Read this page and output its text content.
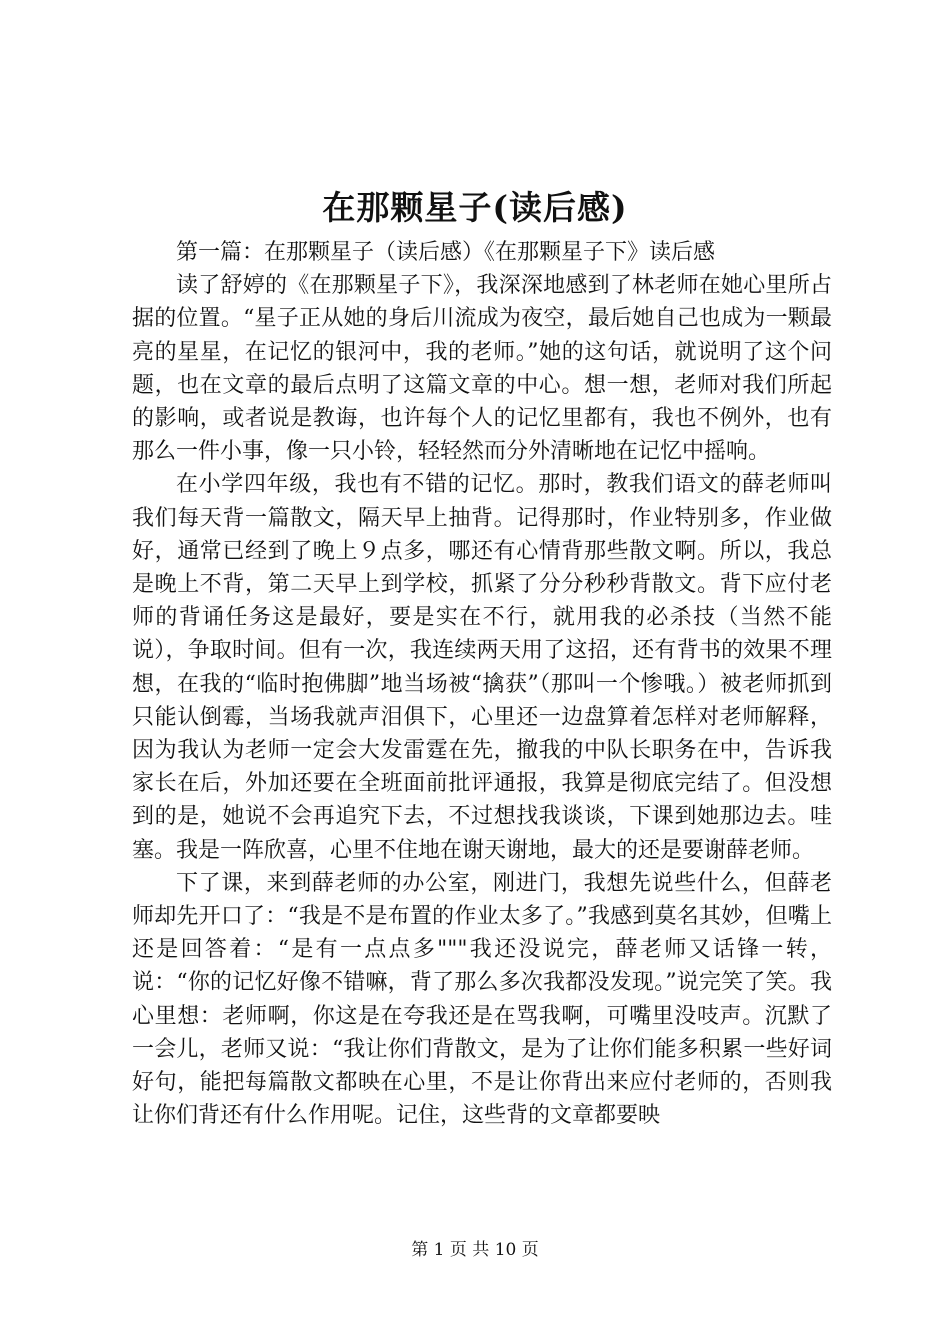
在那颗星子(读后感)

第一篇：在那颗星子（读后感）《在那颗星子下》读后感

读了舒婷的《在那颗星子下》，我深深地感到了林老师在她心里所占据的位置。“星子正从她的身后川流成为夜空，最后她自己也成为一颗最亮的星星，在记忆的银河中，我的老师。”她的这句话，就说明了这个问题，也在文章的最后点明了这篇文章的中心。想一想，老师对我们所起的影响，或者说是教诲，也许每个人的记忆里都有，我也不例外，也有那么一件小事，像一只小铃，轻轻然而分外清晰地在记忆中摇响。

在小学四年级，我也有不错的记忆。那时，教我们语文的薛老师叫我们每天背一篇散文，隔天早上抽背。记得那时，作业特别多，作业做好，通常已经到了晚上９点多，哪还有心情背那些散文啊。所以，我总是晚上不背，第二天早上到学校，抓紧了分分秒秒背散文。背下应付老师的背诵任务这是最好，要是实在不行，就用我的必杀技（当然不能说），争取时间。但有一次，我连续两天用了这招，还有背书的效果不理想，在我的“临时抱佛脚”地当场被“擒获”（那叫一个惨哦。）被老师抓到只能认倒霉，当场我就声泪俱下，心里还一边盘算着怎样对老师解释，因为我认为老师一定会大发雷霆在先，撤我的中队长职务在中，告诉我家长在后，外加还要在全班面前批评通报，我算是彻底完结了。但没想到的是，她说不会再追究下去，不过想找我谈谈，下课到她那边去。哇塞。我是一阵欣喜，心里不住地在谢天谢地，最大的还是要谢薛老师。

下了课，来到薛老师的办公室，刚进门，我想先说些什么，但薛老师却先开口了：“我是不是布置的作业太多了。”我感到莫名其妙，但嘴上还是回答着：“是有一点点多"""我还没说完，薛老师又话锋一转，说：“你的记忆好像不错嘛，背了那么多次我都没发现。”说完笑了笑。我心里想：老师啊，你这是在夸我还是在骂我啊，可嘴里没吱声。沉默了一会儿，老师又说：“我让你们背散文，是为了让你们能多积累一些好词好句，能把每篇散文都映在心里，不是让你背出来应付老师的，否则我让你们背还有什么作用呢。记住，这些背的文章都要映

第 1 页 共 10 页
